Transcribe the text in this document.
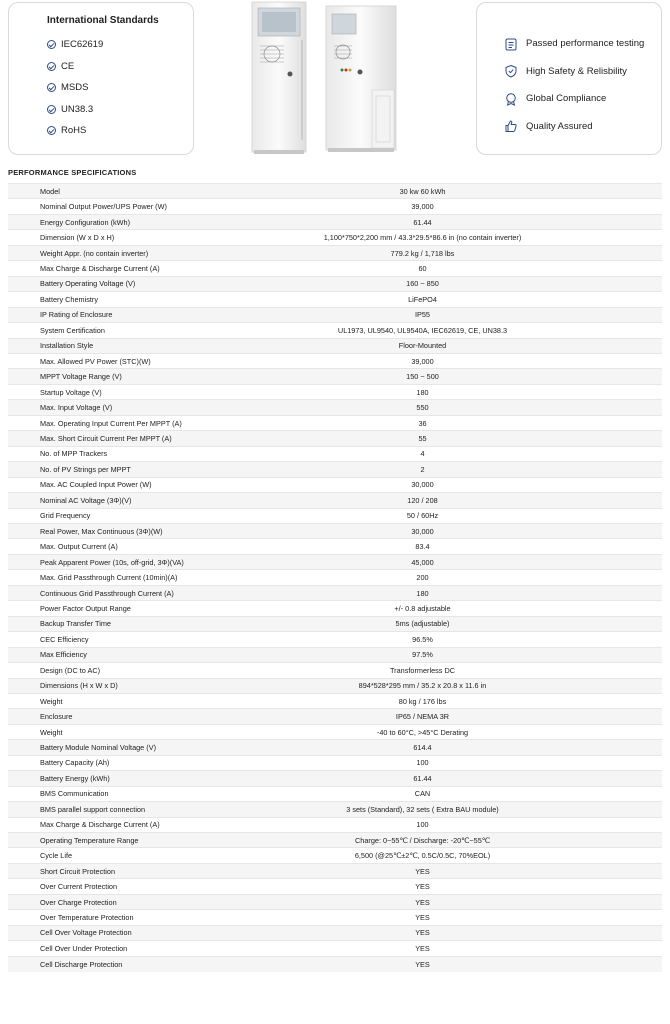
International Standards
IEC62619
CE
MSDS
UN38.3
RoHS
Passed performance testing
High Safety & Relisbility
Global Compliance
Quality Assured
PERFORMANCE SPECIFICATIONS
Model	30 kw 60 kWh
Nominal Output Power/UPS Power (W)	39,000
Energy Configuration (kWh)	61.44
Dimension (W x D x H)	1,100*750*2,200 mm / 43.3*29.5*86.6 in (no contain inverter)
Weight Appr. (no contain inverter)	779.2 kg / 1,718 lbs
Max Charge & Discharge Current (A)	60
Battery Operating Voltage (V)	160 ~ 850
Battery Chemistry	LiFePO4
IP Rating of Enclosure	IP55
System Certification	UL1973, UL9540, UL9540A, IEC62619, CE, UN38.3
Installation Style	Floor-Mounted
Max. Allowed PV Power (STC)(W)	39,000
MPPT Voltage Range (V)	150 ~ 500
Startup Voltage (V)	180
Max. Input Voltage (V)	550
Max. Operating Input Current Per MPPT (A)	36
Max. Short Circuit Current Per MPPT (A)	55
No. of MPP Trackers	4
No. of PV Strings per MPPT	2
Max. AC Coupled Input Power (W)	30,000
Nominal AC Voltage (3Φ)(V)	120 / 208
Grid Frequency	50 / 60Hz
Real Power, Max Continuous (3Φ)(W)	30,000
Max. Output Current (A)	83.4
Peak Apparent Power (10s, off-grid, 3Φ)(VA)	45,000
Max. Grid Passthrough Current (10min)(A)	200
Continuous Grid Passthrough Current (A)	180
Power Factor Output Range	+/- 0.8 adjustable
Backup Transfer Time	5ms (adjustable)
CEC Efficiency	96.5%
Max Efficiency	97.5%
Design (DC to AC)	Transformerless DC
Dimensions (H x W x D)	894*528*295 mm / 35.2 x 20.8 x 11.6 in
Weight	80 kg / 176 lbs
Enclosure	IP65 / NEMA 3R
Weight	-40 to 60°C, >45°C Derating
Battery Module Nominal Voltage (V)	614.4
Battery Capacity (Ah)	100
Battery Energy (kWh)	61.44
BMS Communication	CAN
BMS parallel support connection	3 sets (Standard), 32 sets ( Extra BAU module)
Max Charge & Discharge Current (A)	100
Operating Temperature Range	Charge: 0~55℃ / Discharge: -20℃~55℃
Cycle Life	6,500 (@25℃±2℃, 0.5C/0.5C, 70%EOL)
Short Circuit Protection	YES
Over Current Protection	YES
Over Charge Protection	YES
Over Temperature Protection	YES
Cell Over Voltage Protection	YES
Cell Over Under Protection	YES
Cell Discharge Protection	YES
